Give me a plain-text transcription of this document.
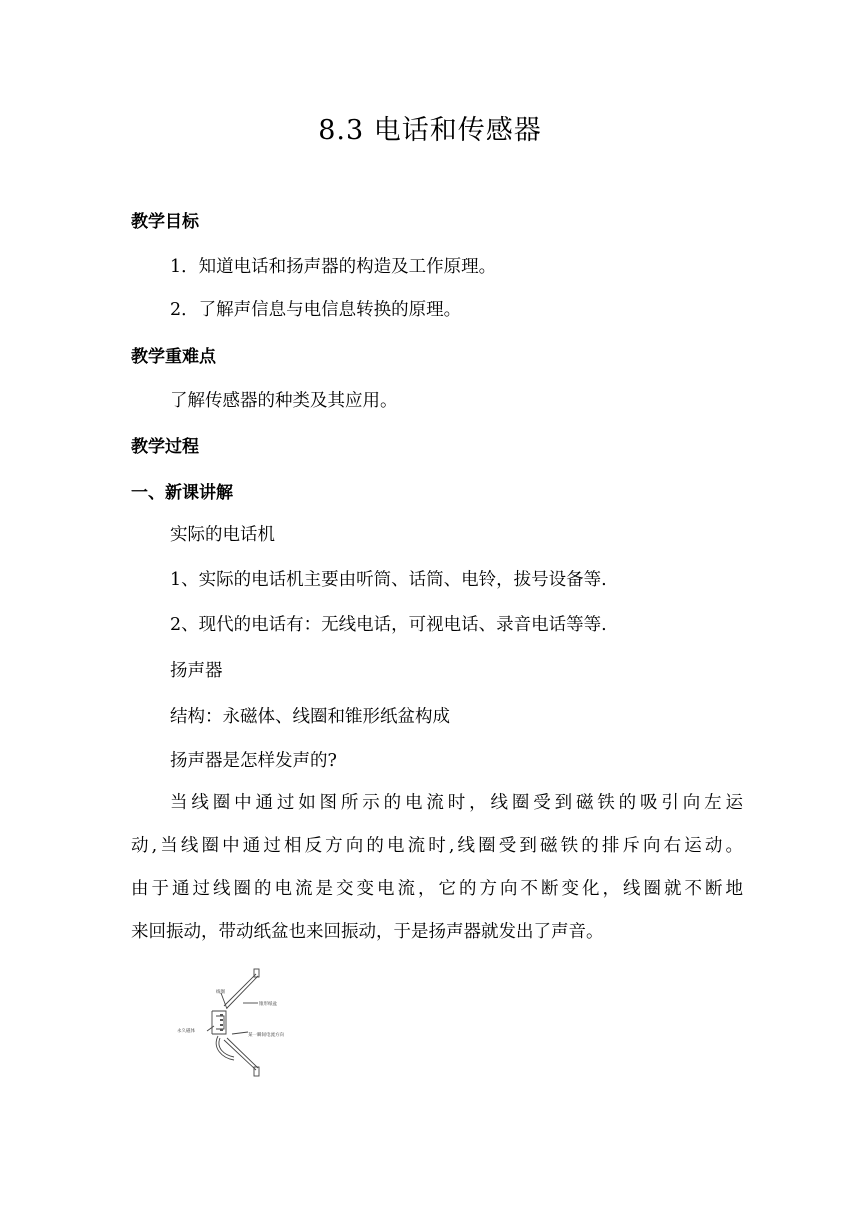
8.3 电话和传感器
教学目标
1．知道电话和扬声器的构造及工作原理。
2．了解声信息与电信息转换的原理。
教学重难点
了解传感器的种类及其应用。
教学过程
一、新课讲解
实际的电话机
1、实际的电话机主要由听筒、话筒、电铃，拔号设备等.
2、现代的电话有：无线电话，可视电话、录音电话等等.
扬声器
结构：永磁体、线圈和锥形纸盆构成
扬声器是怎样发声的?
当线圈中通过如图所示的电流时，线圈受到磁铁的吸引向左运
动,当线圈中通过相反方向的电流时,线圈受到磁铁的排斥向右运动。
由于通过线圈的电流是交变电流，它的方向不断变化，线圈就不断地
来回振动，带动纸盆也来回振动，于是扬声器就发出了声音。
线圈
锥形纸盆
永久磁体
某一瞬间电流方向
